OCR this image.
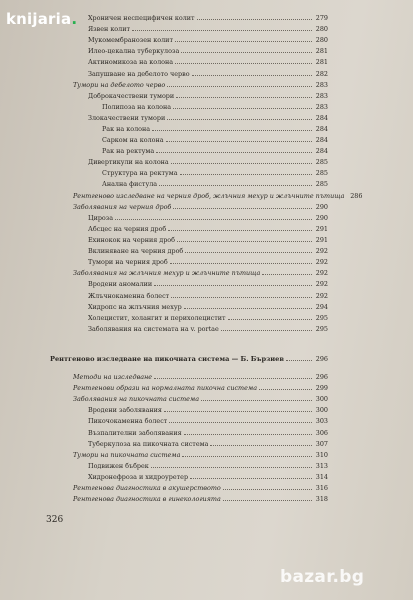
knijaria. Хроничен неспецифичен колит	279
Язвен колит	280
Мукомембранозен колит	280
Илео-цекална туберкулоза	281
Актиномикоза на колона	281
Запушване на дебелото черво	282
Тумори на дебелото черво	283
Доброкачествени тумори	283
Полипоза на колона	283
Злокачествени тумори	284
Рак на колона	284
Сарком на колона	284
Рак на ректума	284
Дивертикули на колона	285
Структура на ректума	285
Анална фистула	285
Рентгеново изследване на черния дроб, жлъчния мехур и жлъчните пътища 286
Заболявания на черния дроб	290
Цироза	290
Абсцес на черния дроб	291
Ехинокок на черния дроб	291
Вклиняване на черния дроб	292
Тумори на черния дроб	292
Заболявания на жлъчния мехур и жлъчните пътища	292
Вродени аномалии	292
Жлъчнокаменна болест	292
Хидропс на жлъчния мехур	294
Холецистит, холангит и перихолецистит	295
Заболявания на системата на v. portae	295
Рентгеново изследване на пикочната система — Б. Бързиев	296
Методи на изследване	296
Рентгенови образи на нормалната пикочна система	299
Заболявания на пикочната система	300
Вродени заболявания	300
Пикочокаменна болест	303
Възпалителни заболявания	306
Туберкулоза на пикочната система	307
Тумори на пикочната система	310
Подвижен бъбрек	313
Хидронефроза и хидроуретер	314
Рентгенова диагностика в акушерството	316
Рентгенова диагностика в гинекологията	318
326
bazar.bg
